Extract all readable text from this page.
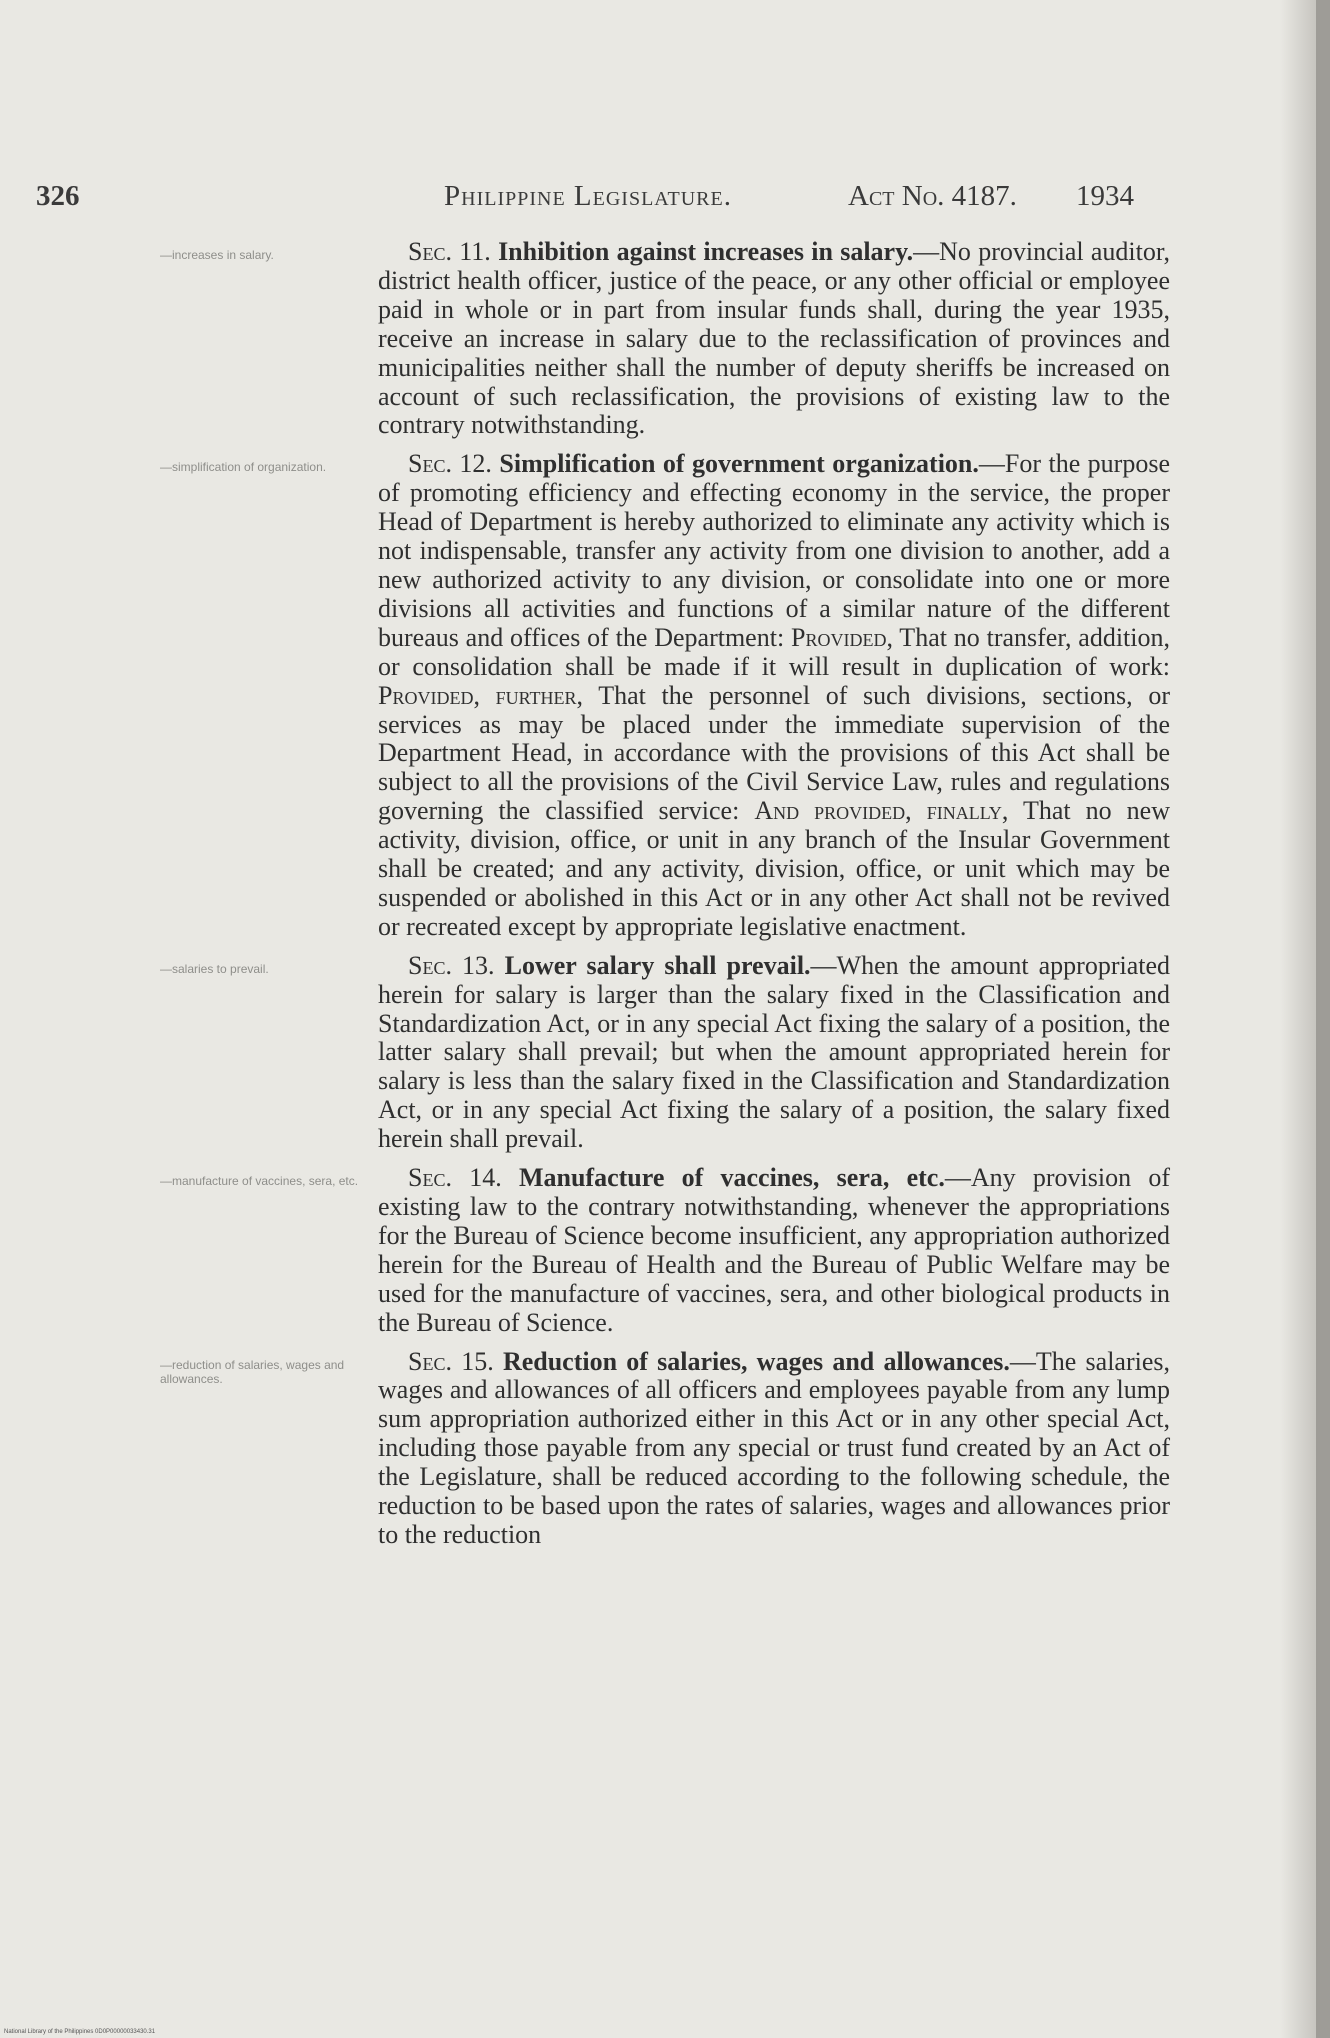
326	Philippine Legislature.	Act No. 4187. 1934
—increases in salary.	Sec. 11. Inhibition against increases in salary.—No provincial auditor, district health officer, justice of the peace, or any other official or employee paid in whole or in part from insular funds shall, during the year 1935, receive an increase in salary due to the reclassification of provinces and municipalities neither shall the number of deputy sheriffs be increased on account of such reclassification, the provisions of existing law to the contrary notwithstanding.
—simplification of organization.	Sec. 12. Simplification of government organization.—For the purpose of promoting efficiency and effecting economy in the service, the proper Head of Department is hereby authorized to eliminate any activity which is not indispensable, transfer any activity from one division to another, add a new authorized activity to any division, or consolidate into one or more divisions all activities and functions of a similar nature of the different bureaus and offices of the Department: Provided, That no transfer, addition, or consolidation shall be made if it will result in duplication of work: Provided, further, That the personnel of such divisions, sections, or services as may be placed under the immediate supervision of the Department Head, in accordance with the provisions of this Act shall be subject to all the provisions of the Civil Service Law, rules and regulations governing the classified service: And provided, finally, That no new activity, division, office, or unit in any branch of the Insular Government shall be created; and any activity, division, office, or unit which may be suspended or abolished in this Act or in any other Act shall not be revived or recreated except by appropriate legislative enactment.
—salaries to prevail.	Sec. 13. Lower salary shall prevail.—When the amount appropriated herein for salary is larger than the salary fixed in the Classification and Standardization Act, or in any special Act fixing the salary of a position, the latter salary shall prevail; but when the amount appropriated herein for salary is less than the salary fixed in the Classification and Standardization Act, or in any special Act fixing the salary of a position, the salary fixed herein shall prevail.
—manufacture of vaccines, sera, etc. Sec. 14. Manufacture of vaccines, sera, etc.—Any provision of existing law to the contrary notwithstanding, whenever the appropriations for the Bureau of Science become insufficient, any appropriation authorized herein for the Bureau of Health and the Bureau of Public Welfare may be used for the manufacture of vaccines, sera, and other biological products in the Bureau of Science.
—reduction of salaries, wages and allowances.
Sec. 15. Reduction of salaries, wages and allowances.—The salaries, wages and allowances of all officers and employees payable from any lump sum appropriation authorized either in this Act or in any other special Act, including those payable from any special or trust fund created by an Act of the Legislature, shall be reduced according to the following schedule, the reduction to be based upon the rates of salaries, wages and allowances prior to the reduction
National Library of the Philippines 0D0P00000033430.31
